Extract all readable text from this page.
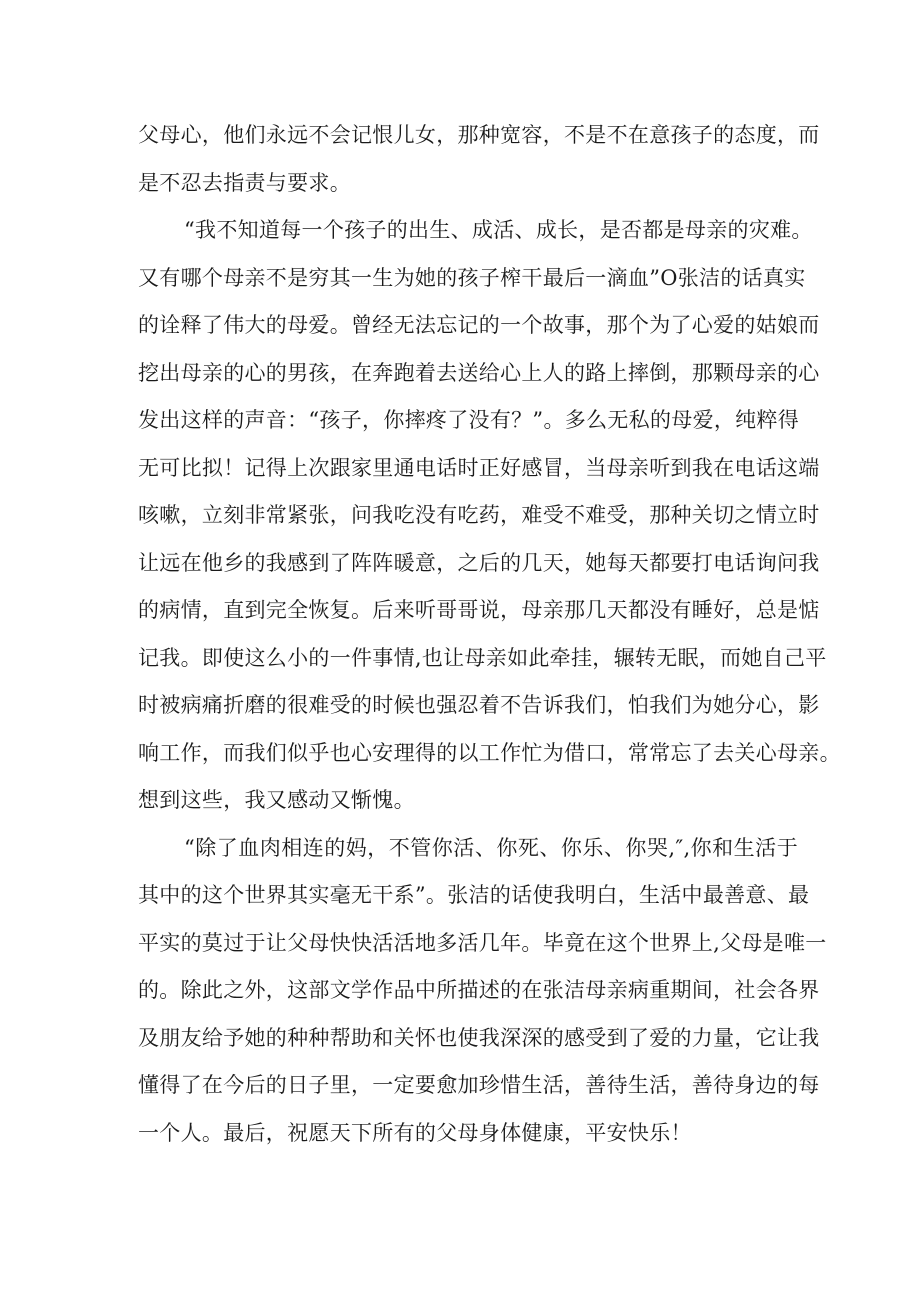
父母心，他们永远不会记恨儿女，那种宽容，不是不在意孩子的态度，而
是不忍去指责与要求。
“我不知道每一个孩子的出生、成活、成长，是否都是母亲的灾难。
又有哪个母亲不是穷其一生为她的孩子榨干最后一滴血”O张洁的话真实
的诠释了伟大的母爱。曾经无法忘记的一个故事，那个为了心爱的姑娘而
挖出母亲的心的男孩，在奔跑着去送给心上人的路上摔倒，那颗母亲的心
发出这样的声音：“孩子，你摔疼了没有？”。多么无私的母爱，纯粹得
无可比拟！记得上次跟家里通电话时正好感冒，当母亲听到我在电话这端
咳嗽，立刻非常紧张，问我吃没有吃药，难受不难受，那种关切之情立时
让远在他乡的我感到了阵阵暖意，之后的几天，她每天都要打电话询问我
的病情，直到完全恢复。后来听哥哥说，母亲那几天都没有睡好，总是惦
记我。即使这么小的一件事情,也让母亲如此牵挂，辗转无眠，而她自己平
时被病痛折磨的很难受的时候也强忍着不告诉我们，怕我们为她分心，影
响工作，而我们似乎也心安理得的以工作忙为借口，常常忘了去关心母亲。
想到这些，我又感动又惭愧。
“除了血肉相连的妈，不管你活、你死、你乐、你哭,″,你和生活于
其中的这个世界其实毫无干系”。张洁的话使我明白，生活中最善意、最
平实的莫过于让父母快快活活地多活几年。毕竟在这个世界上,父母是唯一
的。除此之外，这部文学作品中所描述的在张洁母亲病重期间，社会各界
及朋友给予她的种种帮助和关怀也使我深深的感受到了爱的力量，它让我
懂得了在今后的日子里，一定要愈加珍惜生活，善待生活，善待身边的每
一个人。最后，祝愿天下所有的父母身体健康，平安快乐！
